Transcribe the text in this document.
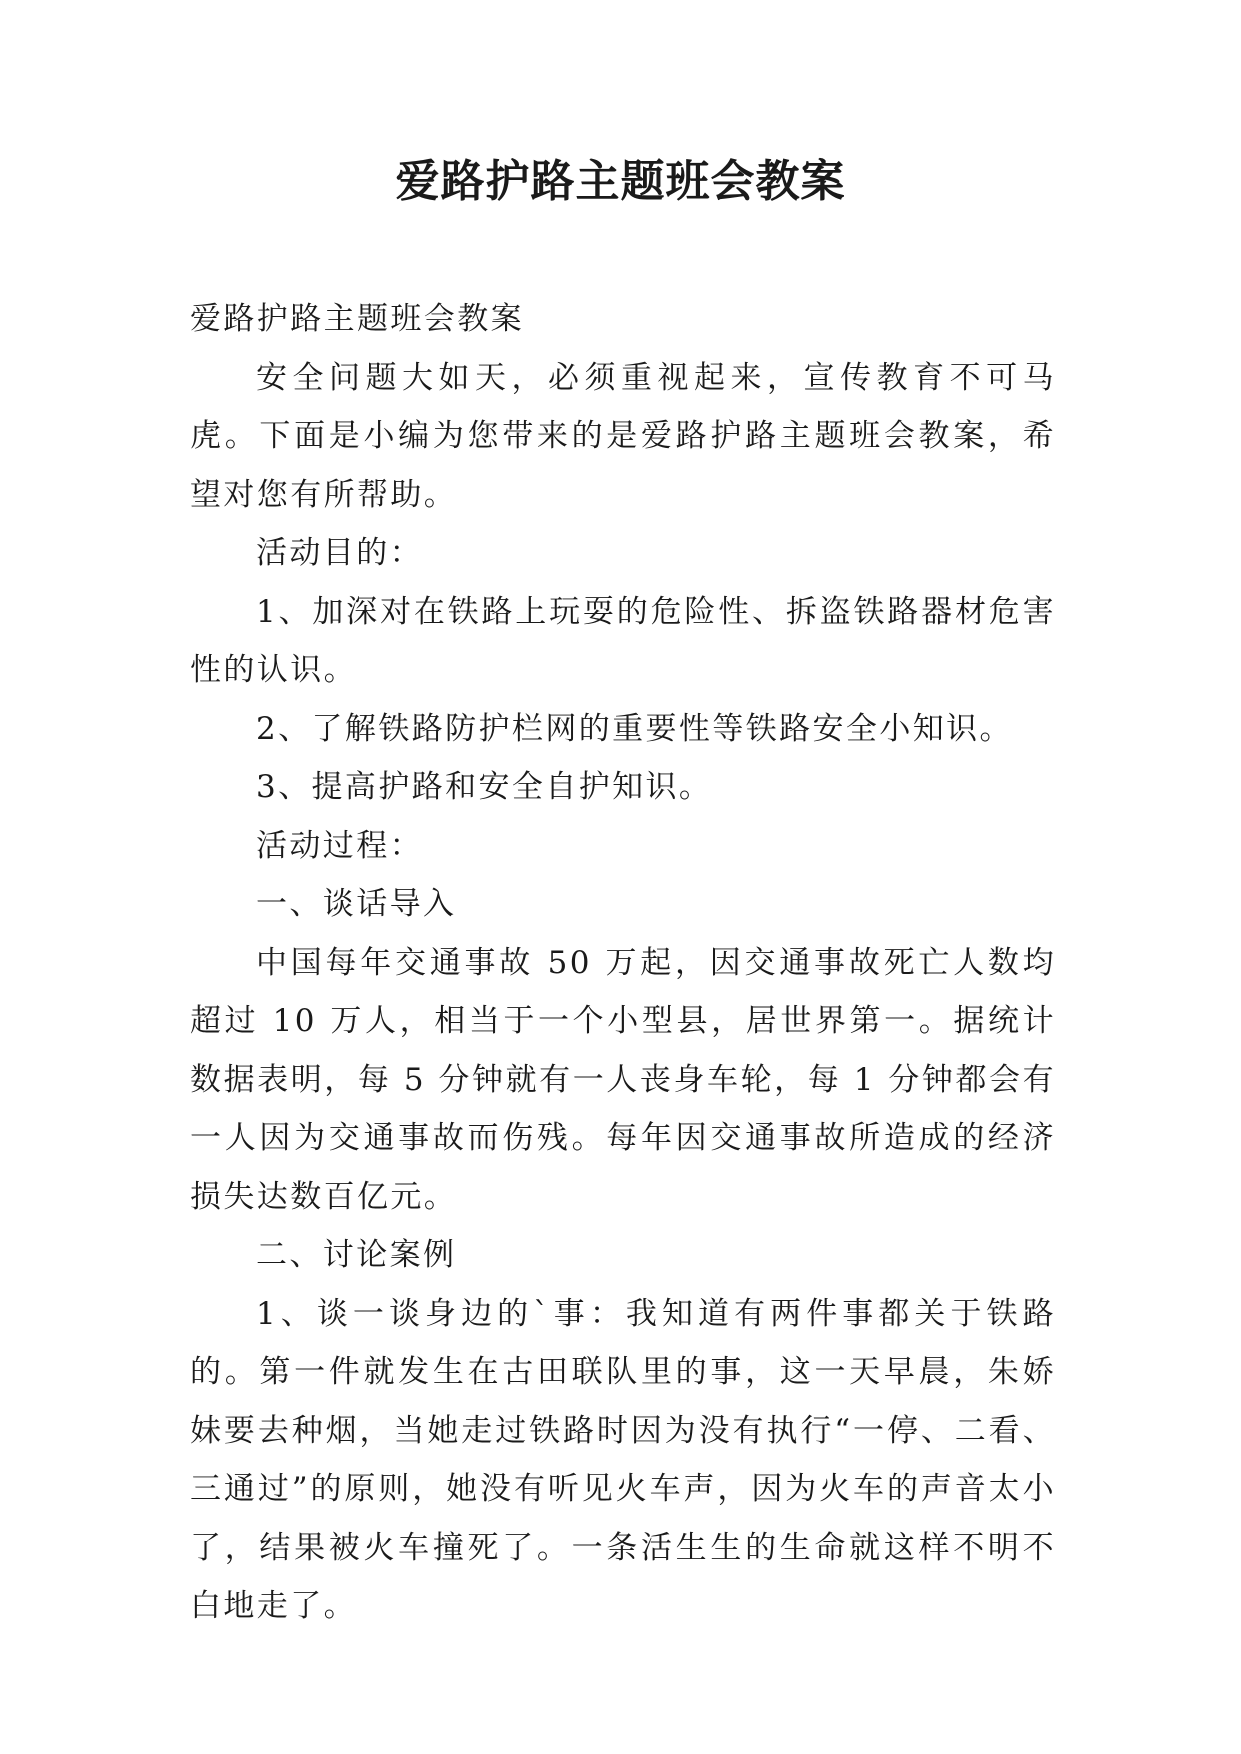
爱路护路主题班会教案

爱路护路主题班会教案

安全问题大如天，必须重视起来，宣传教育不可马虎。下面是小编为您带来的是爱路护路主题班会教案，希望对您有所帮助。

活动目的：

1、加深对在铁路上玩耍的危险性、拆盗铁路器材危害性的认识。

2、了解铁路防护栏网的重要性等铁路安全小知识。

3、提高护路和安全自护知识。

活动过程：

一、谈话导入

中国每年交通事故 50 万起，因交通事故死亡人数均超过 10 万人，相当于一个小型县，居世界第一。据统计数据表明，每 5 分钟就有一人丧身车轮，每 1 分钟都会有一人因为交通事故而伤残。每年因交通事故所造成的经济损失达数百亿元。

二、讨论案例

1、谈一谈身边的`事：我知道有两件事都关于铁路的。第一件就发生在古田联队里的事，这一天早晨，朱娇妹要去种烟，当她走过铁路时因为没有执行“一停、二看、三通过”的原则，她没有听见火车声，因为火车的声音太小了，结果被火车撞死了。一条活生生的生命就这样不明不白地走了。
